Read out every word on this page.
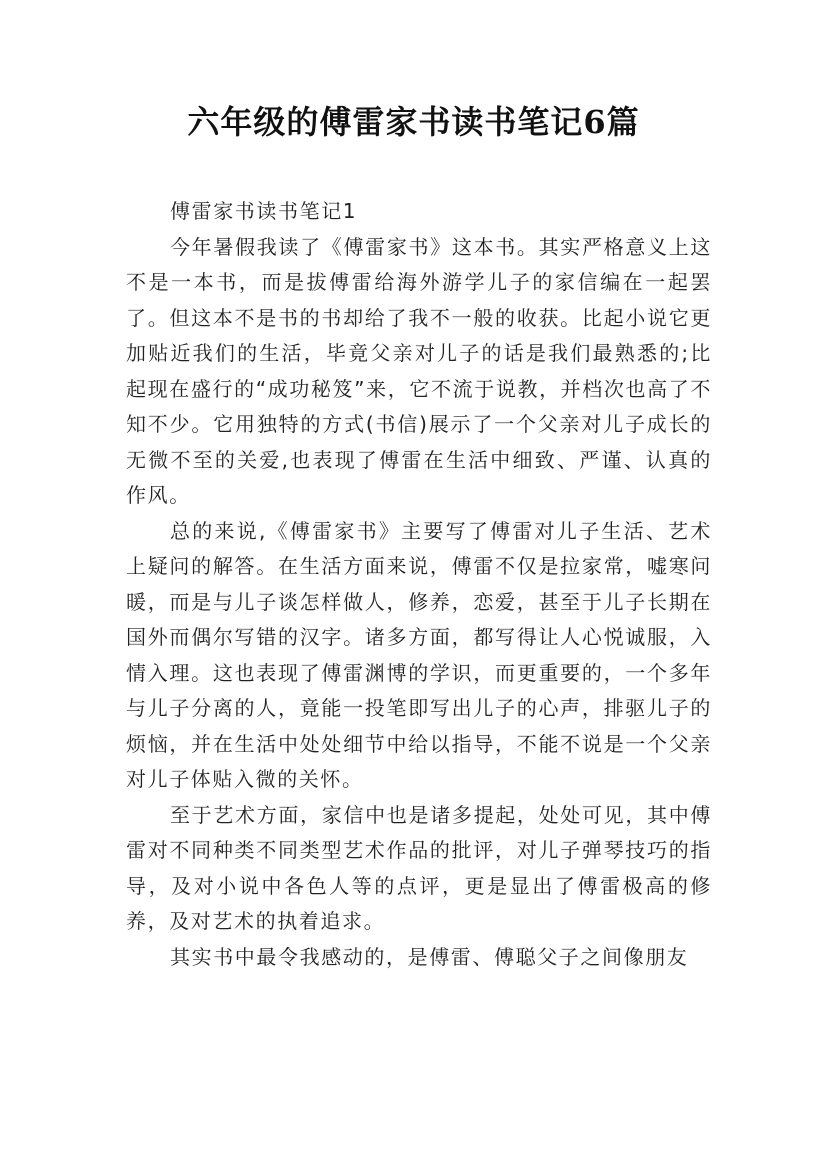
六年级的傅雷家书读书笔记6篇

傅雷家书读书笔记1

今年暑假我读了《傅雷家书》这本书。其实严格意义上这不是一本书，而是拔傅雷给海外游学儿子的家信编在一起罢了。但这本不是书的书却给了我不一般的收获。比起小说它更加贴近我们的生活，毕竟父亲对儿子的话是我们最熟悉的;比起现在盛行的“成功秘笈”来，它不流于说教，并档次也高了不知不少。它用独特的方式(书信)展示了一个父亲对儿子成长的无微不至的关爱,也表现了傅雷在生活中细致、严谨、认真的作风。

总的来说,《傅雷家书》主要写了傅雷对儿子生活、艺术上疑问的解答。在生活方面来说，傅雷不仅是拉家常，嘘寒问暖，而是与儿子谈怎样做人，修养，恋爱，甚至于儿子长期在国外而偶尔写错的汉字。诸多方面，都写得让人心悦诚服，入情入理。这也表现了傅雷渊博的学识，而更重要的，一个多年与儿子分离的人，竟能一投笔即写出儿子的心声，排驱儿子的烦恼，并在生活中处处细节中给以指导，不能不说是一个父亲对儿子体贴入微的关怀。

至于艺术方面，家信中也是诸多提起，处处可见，其中傅雷对不同种类不同类型艺术作品的批评，对儿子弹琴技巧的指导，及对小说中各色人等的点评，更是显出了傅雷极高的修养，及对艺术的执着追求。

其实书中最令我感动的，是傅雷、傅聪父子之间像朋友
